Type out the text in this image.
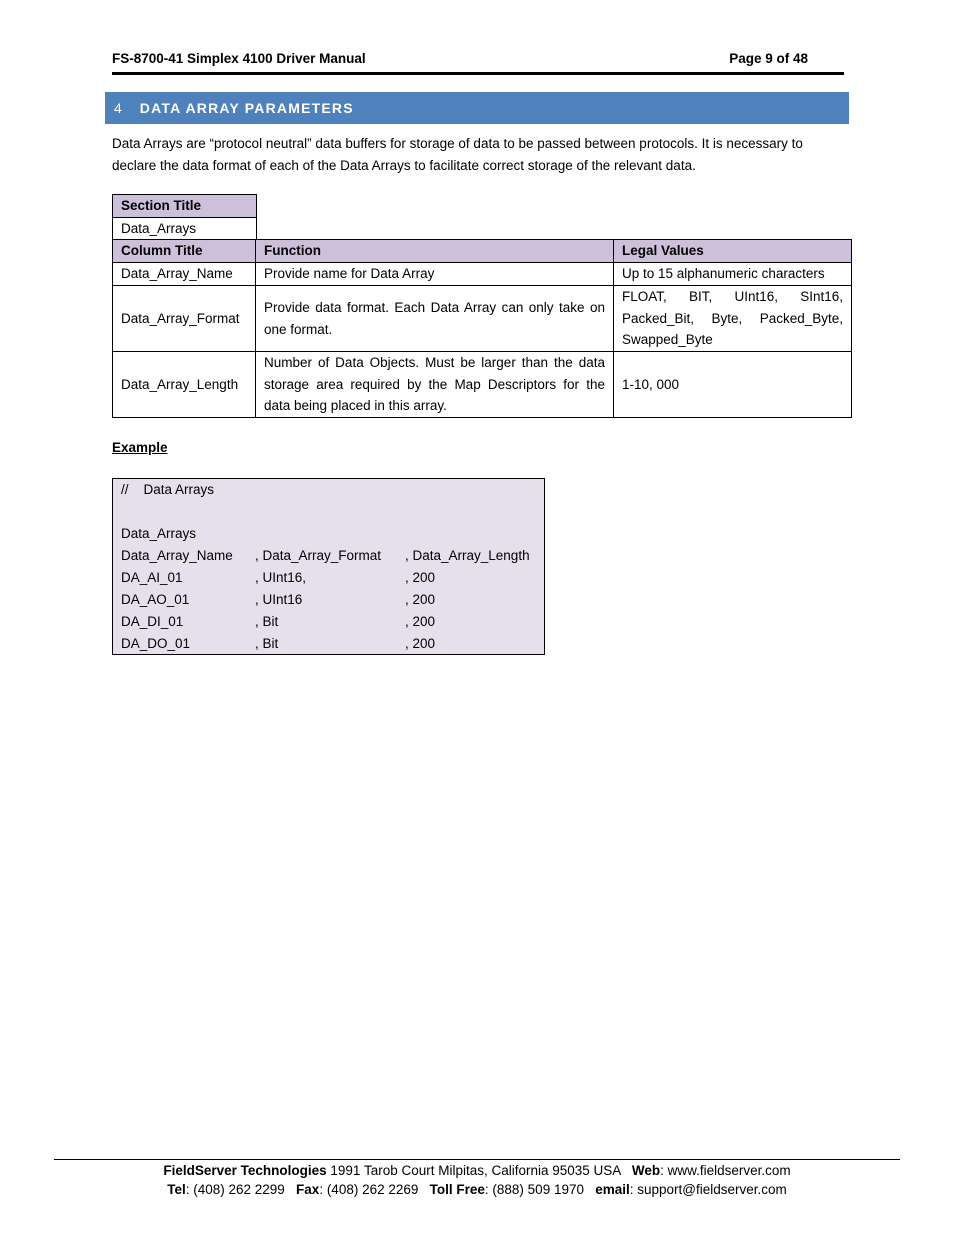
FS-8700-41 Simplex 4100 Driver Manual	Page 9 of 48
4 DATA ARRAY PARAMETERS
Data Arrays are “protocol neutral” data buffers for storage of data to be passed between protocols. It is necessary to declare the data format of each of the Data Arrays to facilitate correct storage of the relevant data.
Section Title
Data_Arrays
Column Title	Function	Legal Values
Data_Array_Name	Provide name for Data Array	Up to 15 alphanumeric characters
Data_Array_Format	Provide data format. Each Data Array can only take on one format.	FLOAT, BIT, UInt16, SInt16, Packed_Bit, Byte, Packed_Byte, Swapped_Byte
Data_Array_Length	Number of Data Objects. Must be larger than the data storage area required by the Map Descriptors for the data being placed in this array.	1-10, 000
Example
//    Data Arrays
Data_Arrays
Data_Array_Name , Data_Array_Format , Data_Array_Length
DA_AI_01	, UInt16,	, 200
DA_AO_01	, UInt16	, 200
DA_DI_01	, Bit	, 200
DA_DO_01	, Bit	, 200
FieldServer Technologies 1991 Tarob Court Milpitas, California 95035 USA   Web: www.fieldserver.com
Tel: (408) 262 2299   Fax: (408) 262 2269   Toll Free: (888) 509 1970   email: support@fieldserver.com
